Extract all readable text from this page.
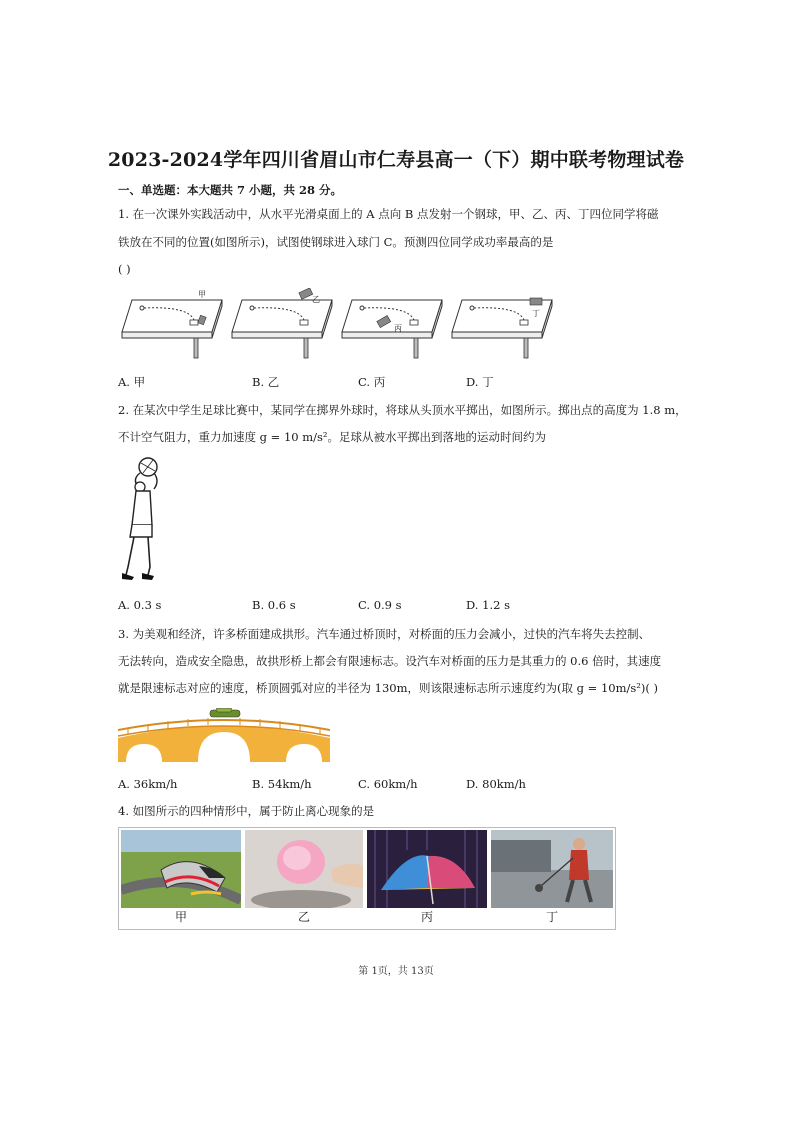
2023-2024学年四川省眉山市仁寿县高一（下）期中联考物理试卷
一、单选题：本大题共 7 小题，共 28 分。
1. 在一次课外实践活动中，从水平光滑桌面上的 A 点向 B 点发射一个钢球，甲、乙、丙、丁四位同学将磁
铁放在不同的位置(如图所示)，试图使钢球进入球门 C。预测四位同学成功率最高的是
( )
甲
乙
丙
丁
A. 甲	B. 乙	C. 丙	D. 丁
2. 在某次中学生足球比赛中，某同学在掷界外球时，将球从头顶水平掷出，如图所示。掷出点的高度为 1.8 m，
不计空气阻力，重力加速度 g = 10 m/s²。足球从被水平掷出到落地的运动时间约为
A. 0.3 s	B. 0.6 s	C. 0.9 s	D. 1.2 s
3. 为美观和经济，许多桥面建成拱形。汽车通过桥顶时，对桥面的压力会减小，过快的汽车将失去控制、
无法转向，造成安全隐患，故拱形桥上都会有限速标志。设汽车对桥面的压力是其重力的 0.6 倍时，其速度
就是限速标志对应的速度，桥顶圆弧对应的半径为 130m，则该限速标志所示速度约为(取 g = 10m/s²)( )
A. 36km/h	B. 54km/h	C. 60km/h	D. 80km/h
4. 如图所示的四种情形中，属于防止离心现象的是
甲	乙	丙	丁
第 1页，共 13页
